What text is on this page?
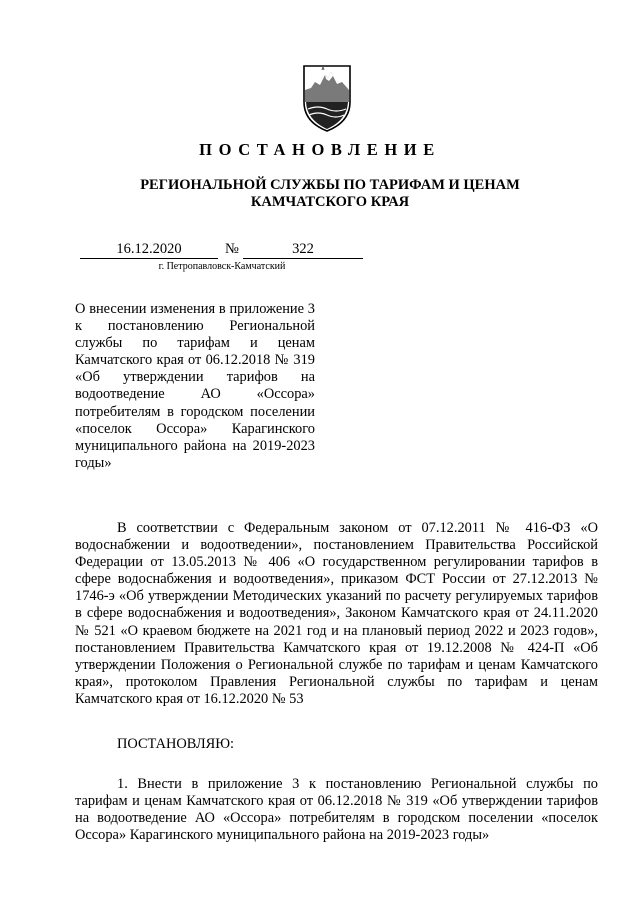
ПОСТАНОВЛЕНИЕ
РЕГИОНАЛЬНОЙ СЛУЖБЫ ПО ТАРИФАМ И ЦЕНАМ КАМЧАТСКОГО КРАЯ
16.12.2020	№	322
г. Петропавловск-Камчатский
О внесении изменения в приложение 3 к постановлению Региональной службы по тарифам и ценам Камчатского края от 06.12.2018 № 319 «Об утверждении тарифов на водоотведение АО «Оссора» потребителям в городском поселении «поселок Оссора» Карагинского муниципального района на 2019-2023 годы»
В соответствии с Федеральным законом от 07.12.2011 № 416-ФЗ «О водоснабжении и водоотведении», постановлением Правительства Российской Федерации от 13.05.2013 № 406 «О государственном регулировании тарифов в сфере водоснабжения и водоотведения», приказом ФСТ России от 27.12.2013 № 1746-э «Об утверждении Методических указаний по расчету регулируемых тарифов в сфере водоснабжения и водоотведения», Законом Камчатского края от 24.11.2020 № 521 «О краевом бюджете на 2021 год и на плановый период 2022 и 2023 годов», постановлением Правительства Камчатского края от 19.12.2008 № 424-П «Об утверждении Положения о Региональной службе по тарифам и ценам Камчатского края», протоколом Правления Региональной службы по тарифам и ценам Камчатского края от 16.12.2020 № 53
ПОСТАНОВЛЯЮ:
1. Внести в приложение 3 к постановлению Региональной службы по тарифам и ценам Камчатского края от 06.12.2018 № 319 «Об утверждении тарифов на водоотведение АО «Оссора» потребителям в городском поселении «поселок Оссора» Карагинского муниципального района на 2019-2023 годы»
